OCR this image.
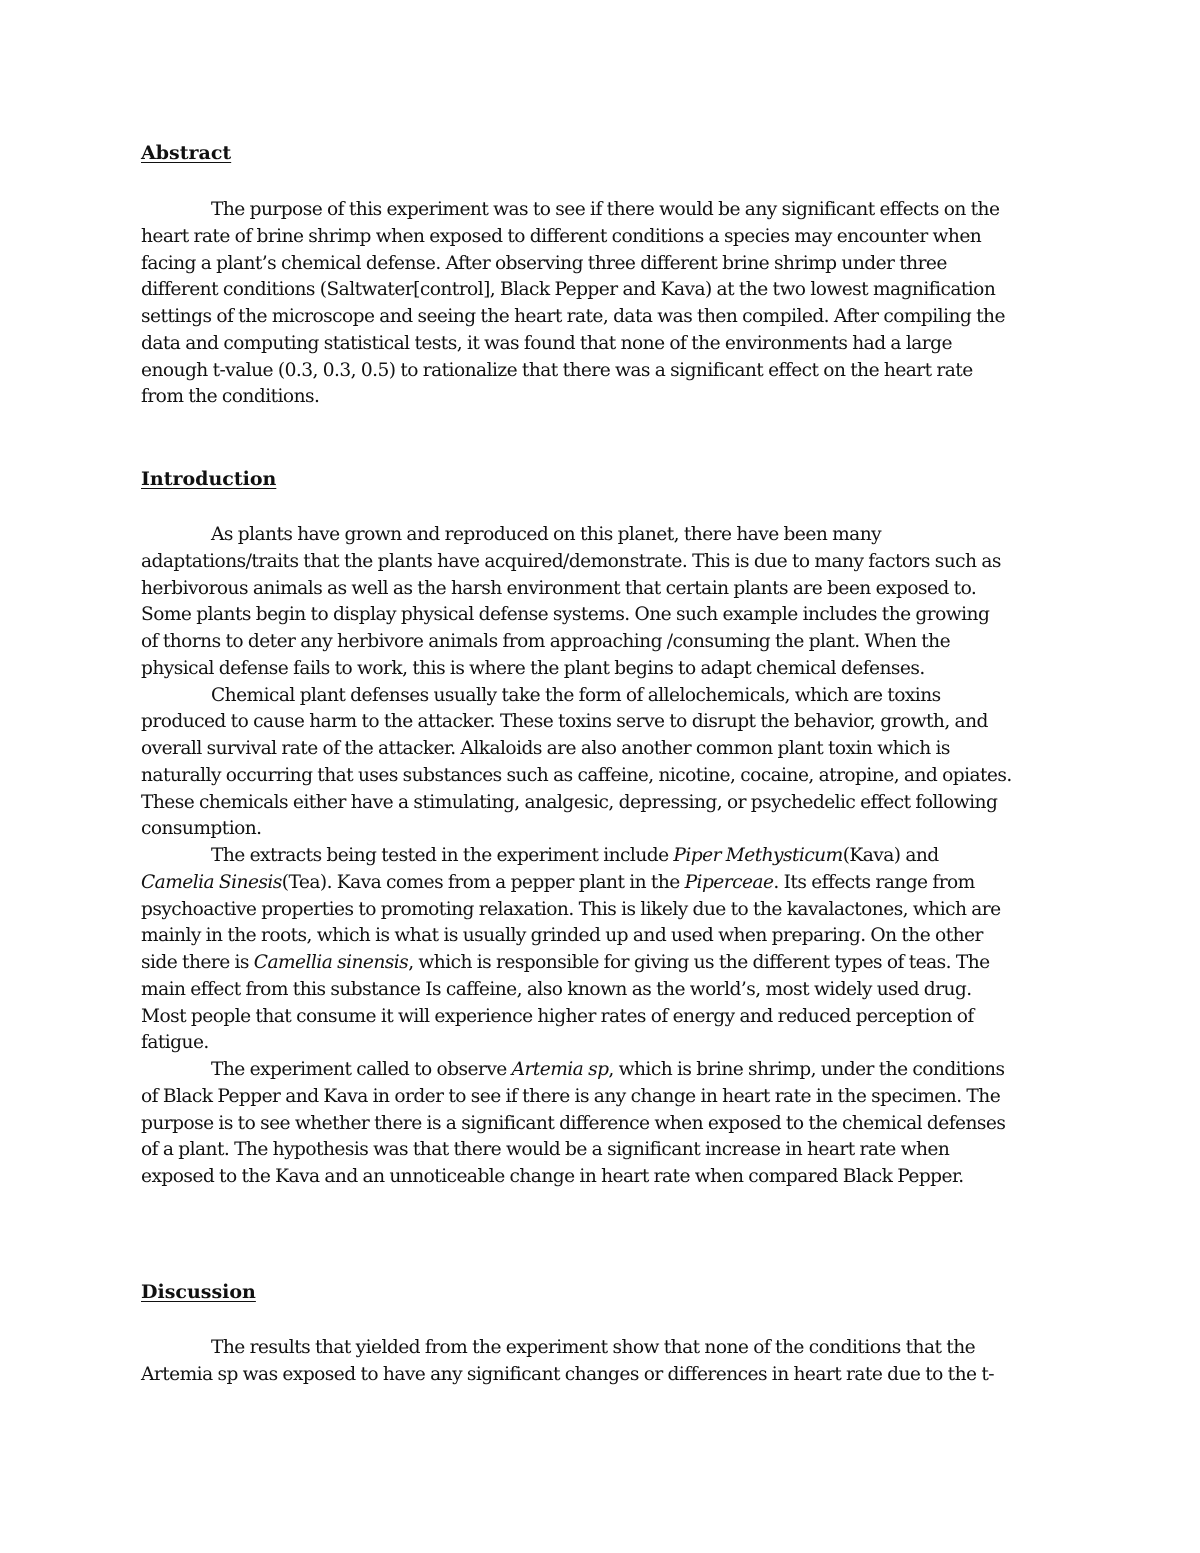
Abstract
The purpose of this experiment was to see if there would be any significant effects on the
heart rate of brine shrimp when exposed to different conditions a species may encounter when
facing a plant’s chemical defense. After observing three different brine shrimp under three
different conditions (Saltwater[control], Black Pepper and Kava) at the two lowest magnification
settings of the microscope and seeing the heart rate, data was then compiled. After compiling the
data and computing statistical tests, it was found that none of the environments had a large
enough t-value (0.3, 0.3, 0.5) to rationalize that there was a significant effect on the heart rate
from the conditions.
Introduction
As plants have grown and reproduced on this planet, there have been many
adaptations/traits that the plants have acquired/demonstrate. This is due to many factors such as
herbivorous animals as well as the harsh environment that certain plants are been exposed to.
Some plants begin to display physical defense systems. One such example includes the growing
of thorns to deter any herbivore animals from approaching /consuming the plant. When the
physical defense fails to work, this is where the plant begins to adapt chemical defenses.
Chemical plant defenses usually take the form of allelochemicals, which are toxins
produced to cause harm to the attacker. These toxins serve to disrupt the behavior, growth, and
overall survival rate of the attacker. Alkaloids are also another common plant toxin which is
naturally occurring that uses substances such as caffeine, nicotine, cocaine, atropine, and opiates.
These chemicals either have a stimulating, analgesic, depressing, or psychedelic effect following
consumption.
The extracts being tested in the experiment include Piper Methysticum(Kava) and
Camelia Sinesis(Tea). Kava comes from a pepper plant in the Piperceae. Its effects range from
psychoactive properties to promoting relaxation. This is likely due to the kavalactones, which are
mainly in the roots, which is what is usually grinded up and used when preparing. On the other
side there is Camellia sinensis, which is responsible for giving us the different types of teas. The
main effect from this substance Is caffeine, also known as the world’s, most widely used drug.
Most people that consume it will experience higher rates of energy and reduced perception of
fatigue.
The experiment called to observe Artemia sp, which is brine shrimp, under the conditions
of Black Pepper and Kava in order to see if there is any change in heart rate in the specimen. The
purpose is to see whether there is a significant difference when exposed to the chemical defenses
of a plant. The hypothesis was that there would be a significant increase in heart rate when
exposed to the Kava and an unnoticeable change in heart rate when compared Black Pepper.
Discussion
The results that yielded from the experiment show that none of the conditions that the
Artemia sp was exposed to have any significant changes or differences in heart rate due to the t-
